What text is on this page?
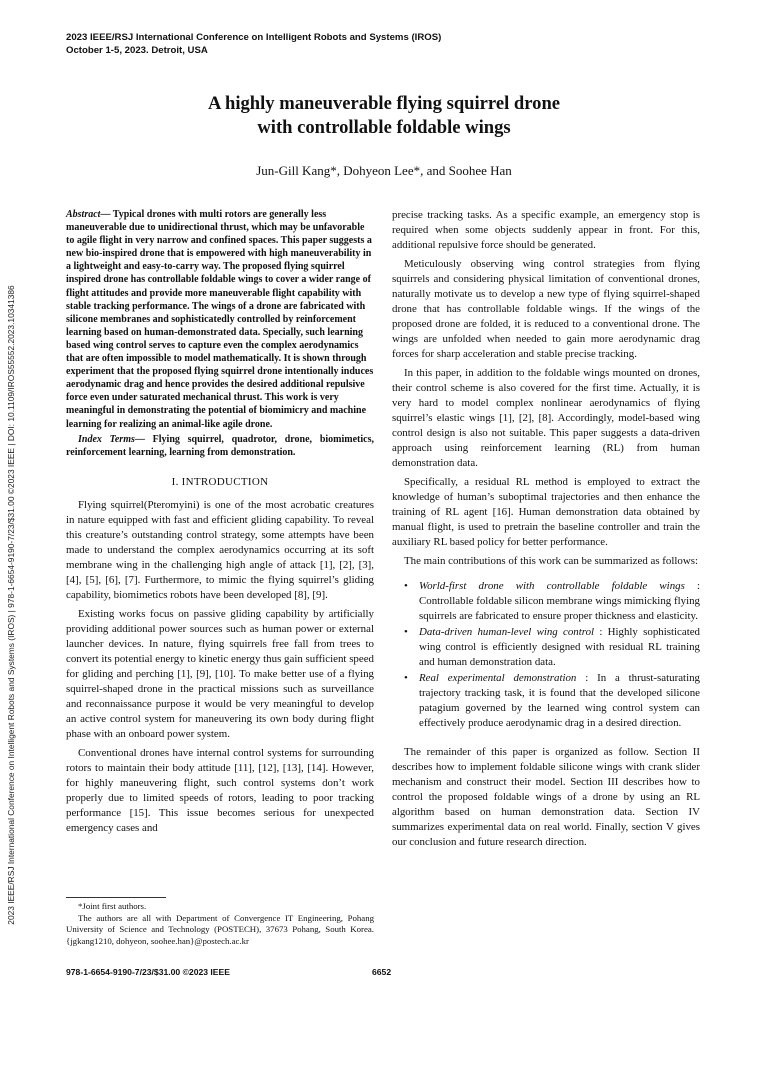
2023 IEEE/RSJ International Conference on Intelligent Robots and Systems (IROS)
October 1-5, 2023. Detroit, USA
A highly maneuverable flying squirrel drone
with controllable foldable wings
Jun-Gill Kang*, Dohyeon Lee*, and Soohee Han
2023 IEEE/RSJ International Conference on Intelligent Robots and Systems (IROS) | 978-1-6654-9190-7/23/$31.00 ©2023 IEEE | DOI: 10.1109/IROS55552.2023.10341386

Abstract— Typical drones with multi rotors are generally less maneuverable due to unidirectional thrust, which may be unfavorable to agile flight in very narrow and confined spaces. This paper suggests a new bio-inspired drone that is empowered with high maneuverability in a lightweight and easy-to-carry way. The proposed flying squirrel inspired drone has controllable foldable wings to cover a wider range of flight attitudes and provide more maneuverable flight capability with stable tracking performance. The wings of a drone are fabricated with silicone membranes and sophisticatedly controlled by reinforcement learning based on human-demonstrated data. Specially, such learning based wing control serves to capture even the complex aerodynamics that are often impossible to model mathematically. It is shown through experiment that the proposed flying squirrel drone intentionally induces aerodynamic drag and hence provides the desired additional repulsive force even under saturated mechanical thrust. This work is very meaningful in demonstrating the potential of biomimicry and machine learning for realizing an animal-like agile drone.

Index Terms— Flying squirrel, quadrotor, drone, biomimetics, reinforcement learning, learning from demonstration.

I. INTRODUCTION

Flying squirrel(Pteromyini) is one of the most acrobatic creatures in nature equipped with fast and efficient gliding capability. To reveal this creature’s outstanding control strategy, some attempts have been made to understand the complex aerodynamics occurring at its soft membrane wing in the challenging high angle of attack [1], [2], [3], [4], [5], [6], [7]. Furthermore, to mimic the flying squirrel’s gliding capability, biomimetics robots have been developed [8], [9].

Existing works focus on passive gliding capability by artificially providing additional power sources such as human power or external launcher devices. In nature, flying squirrels free fall from trees to convert its potential energy to kinetic energy thus gain sufficient speed for gliding and perching [1], [9], [10]. To make better use of a flying squirrel-shaped drone in the practical missions such as surveillance and reconnaissance purpose it would be very meaningful to develop an active control system for maneuvering its own body during flight phase with an onboard power system.

Conventional drones have internal control systems for surrounding rotors to maintain their body attitude [11], [12], [13], [14]. However, for highly maneuvering flight, such control systems don’t work properly due to limited speeds of rotors, leading to poor tracking performance [15]. This issue becomes serious for unexpected emergency cases and

*Joint first authors.
The authors are all with Department of Convergence IT Engineering, Pohang University of Science and Technology (POSTECH), 37673 Pohang, South Korea. {jgkang1210, dohyeon, soohee.han}@postech.ac.kr

precise tracking tasks. As a specific example, an emergency stop is required when some objects suddenly appear in front. For this, additional repulsive force should be generated.

Meticulously observing wing control strategies from flying squirrels and considering physical limitation of conventional drones, naturally motivate us to develop a new type of flying squirrel-shaped drone that has controllable foldable wings. If the wings of the proposed drone are folded, it is reduced to a conventional drone. The wings are unfolded when needed to gain more aerodynamic drag forces for sharp acceleration and stable precise tracking.

In this paper, in addition to the foldable wings mounted on drones, their control scheme is also covered for the first time. Actually, it is very hard to model complex nonlinear aerodynamics of flying squirrel’s elastic wings [1], [2], [8]. Accordingly, model-based wing control design is also not suitable. This paper suggests a data-driven approach using reinforcement learning (RL) from human demonstration data.

Specifically, a residual RL method is employed to extract the knowledge of human’s suboptimal trajectories and then enhance the training of RL agent [16]. Human demonstration data obtained by manual flight, is used to pretrain the baseline controller and train the auxiliary RL based policy for better performance.

The main contributions of this work can be summarized as follows:

• World-first drone with controllable foldable wings : Controllable foldable silicon membrane wings mimicking flying squirrels are fabricated to ensure proper thickness and elasticity.
• Data-driven human-level wing control : Highly sophisticated wing control is efficiently designed with residual RL training and human demonstration data.
• Real experimental demonstration : In a thrust-saturating trajectory tracking task, it is found that the developed silicone patagium governed by the learned wing control system can effectively produce aerodynamic drag in a desired direction.

The remainder of this paper is organized as follow. Section II describes how to implement foldable silicone wings with crank slider mechanism and construct their model. Section III describes how to control the proposed foldable wings of a drone by using an RL algorithm based on human demonstration data. Section IV summarizes experimental data on real world. Finally, section V gives our conclusion and future research direction.

978-1-6654-9190-7/23/$31.00 ©2023 IEEE	6652
